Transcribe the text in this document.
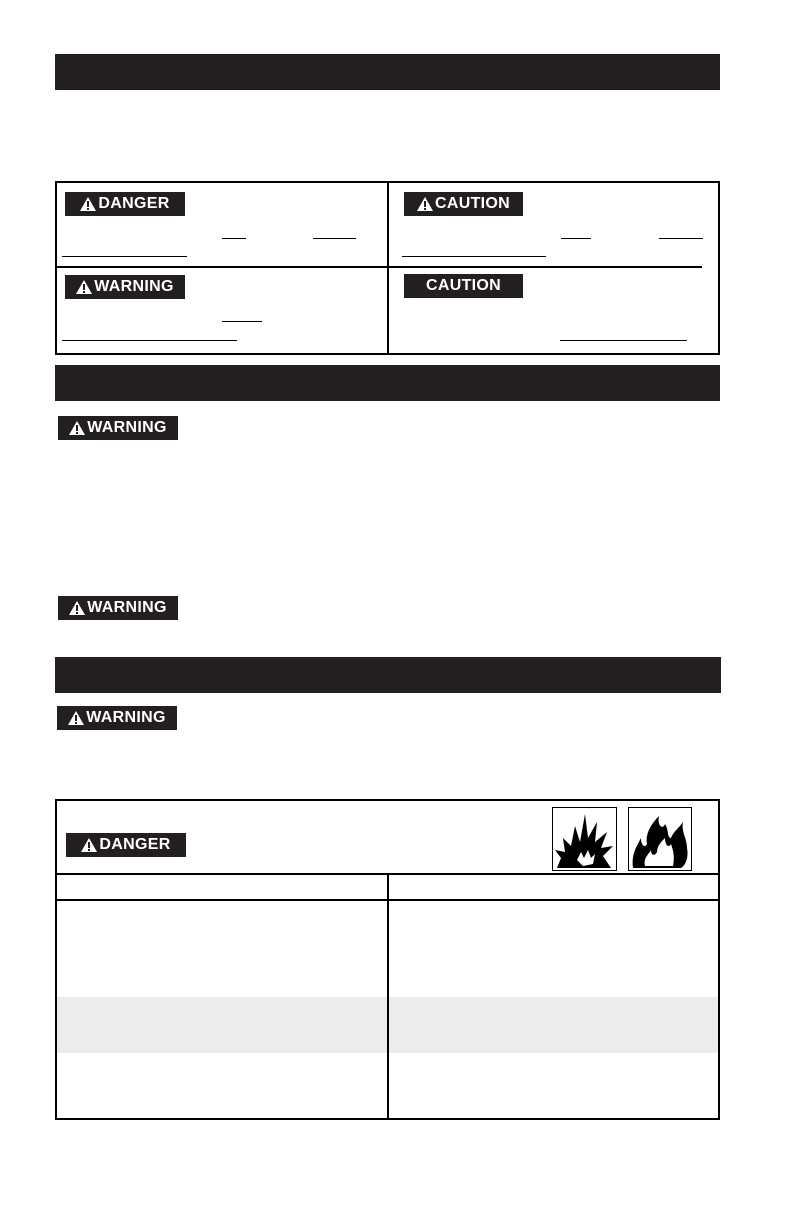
DANGER	CAUTION
WARNING	CAUTION
WARNING
WARNING
WARNING
DANGER
